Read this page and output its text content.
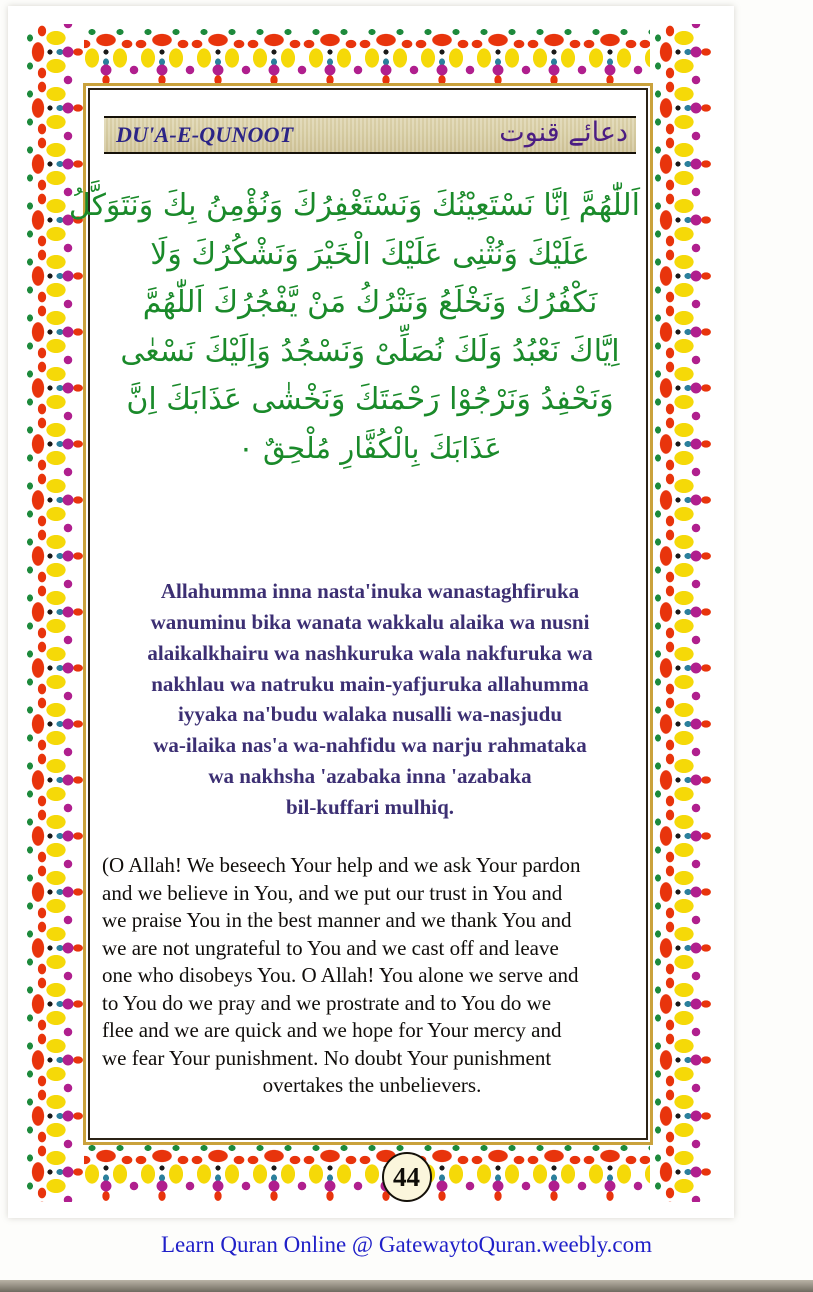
DU'A-E-QUNOOT	دعائے قنوت
اَللّٰهُمَّ اِنَّا نَسْتَعِيْنُكَ وَنَسْتَغْفِرُكَ وَنُؤْمِنُ بِكَ وَنَتَوَكَّلُ
عَلَيْكَ وَنُثْنِى عَلَيْكَ الْخَيْرَ وَنَشْكُرُكَ وَلَا
نَكْفُرُكَ وَنَخْلَعُ وَنَتْرُكُ مَنْ يَّفْجُرُكَ اَللّٰهُمَّ
اِيَّاكَ نَعْبُدُ وَلَكَ نُصَلِّىْ وَنَسْجُدُ وَاِلَيْكَ نَسْعٰى
وَنَحْفِدُ وَنَرْجُوْا رَحْمَتَكَ وَنَخْشٰى عَذَابَكَ اِنَّ
عَذَابَكَ بِالْكُفَّارِ مُلْحِقٌ ۰
Allahumma inna nasta'inuka wanastaghfiruka
wanuminu bika wanata wakkalu alaika wa nusni
alaikalkhairu wa nashkuruka wala nakfuruka wa
nakhlau wa natruku main-yafjuruka allahumma
iyyaka na'budu walaka nusalli wa-nasjudu
wa-ilaika nas'a wa-nahfidu wa narju rahmataka
wa nakhsha 'azabaka inna 'azabaka
bil-kuffari mulhiq.
(O Allah! We beseech Your help and we ask Your pardon
and we believe in You, and we put our trust in You and
we praise You in the best manner and we thank You and
we are not ungrateful to You and we cast off and leave
one who disobeys You. O Allah! You alone we serve and
to You do we pray and we prostrate and to You do we
flee and we are quick and we hope for Your mercy and
we fear Your punishment. No doubt Your punishment
overtakes the unbelievers.
44
Learn Quran Online @ GatewaytoQuran.weebly.com
